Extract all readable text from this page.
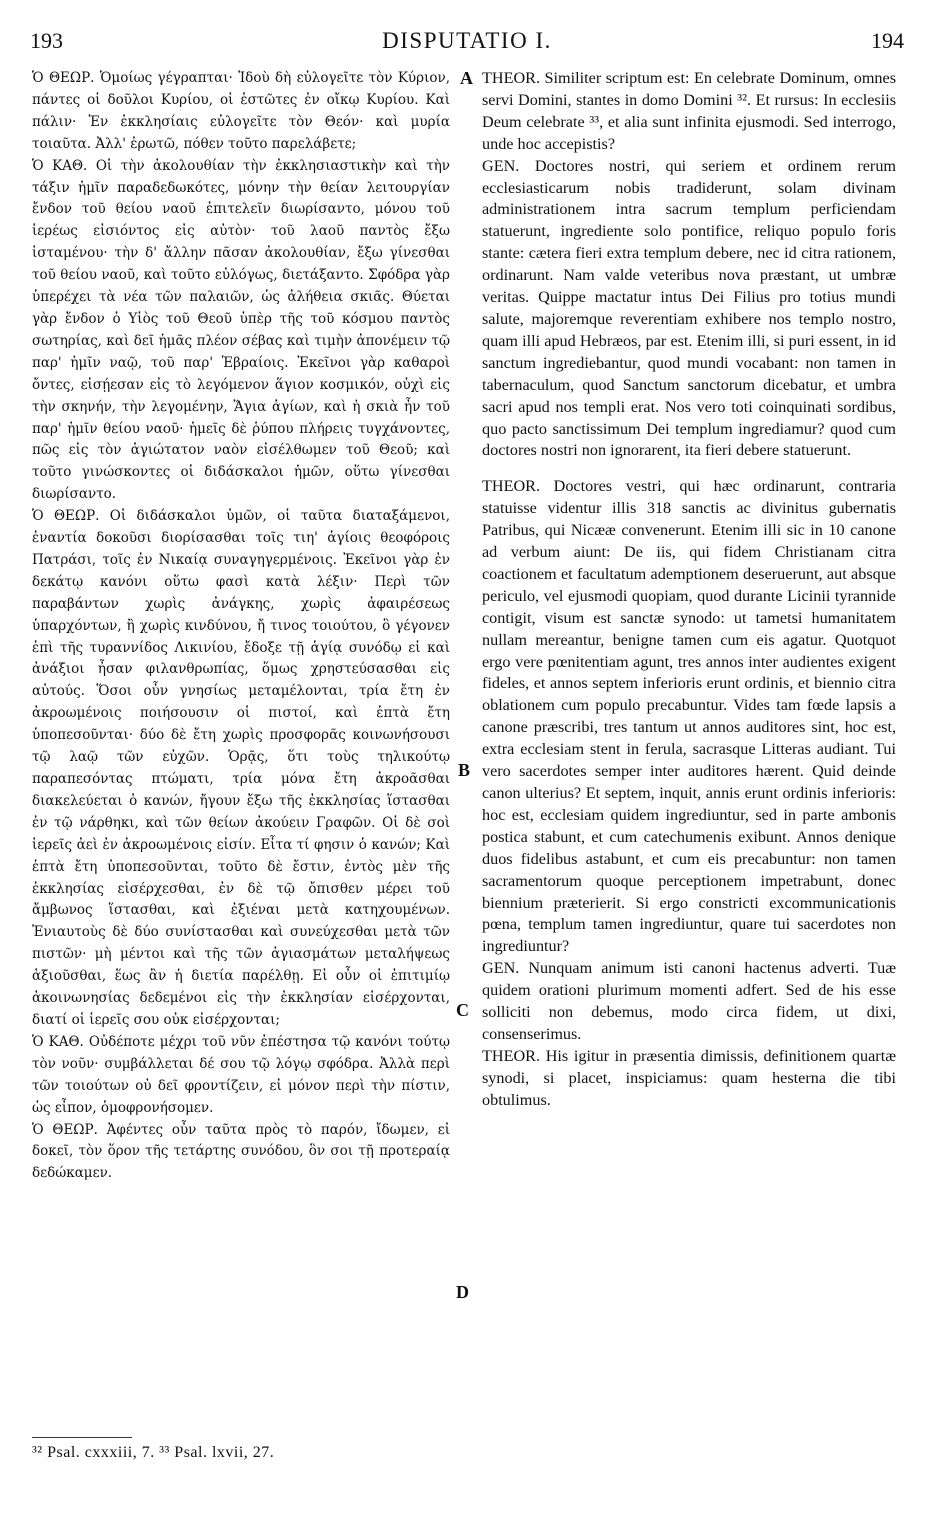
193	DISPUTATIO I.	194

Ὁ ΘΕΩΡ. Ὁμοίως γέγραπται· Ἰδοὺ δὴ εὐλογεῖτε τὸν Κύριον, πάντες οἱ δοῦλοι Κυρίου, οἱ ἑστῶτες ἐν οἴκῳ Κυρίου. Καὶ πάλιν· Ἐν ἐκκλησίαις εὐλογεῖτε τὸν Θεόν· καὶ μυρία τοιαῦτα. Ἀλλ' ἐρωτῶ, πόθεν τοῦτο παρελάβετε;

Ὁ ΚΑΘ. Οἱ τὴν ἀκολουθίαν τὴν ἐκκλησιαστικὴν καὶ τὴν τάξιν ἡμῖν παραδεδωκότες, μόνην τὴν θείαν λειτουργίαν ἔνδον τοῦ θείου ναοῦ ἐπιτελεῖν διωρίσαντο, μόνου τοῦ ἱερέως εἰσιόντος εἰς αὐτὸν· τοῦ λαοῦ παντὸς ἔξω ἱσταμένου· τὴν δ' ἄλλην πᾶσαν ἀκολουθίαν, ἔξω γίνεσθαι τοῦ θείου ναοῦ, καὶ τοῦτο εὐλόγως, διετάξαντο. Σφόδρα γὰρ ὑπερέχει τὰ νέα τῶν παλαιῶν, ὡς ἀλήθεια σκιᾶς. Θύεται γὰρ ἔνδον ὁ Υἱὸς τοῦ Θεοῦ ὑπὲρ τῆς τοῦ κόσμου παντὸς σωτηρίας, καὶ δεῖ ἡμᾶς πλέον σέβας καὶ τιμὴν ἀπονέμειν τῷ παρ' ἡμῖν ναῷ, τοῦ παρ' Ἑβραίοις. Ἐκεῖνοι γὰρ καθαροὶ ὄντες, εἰσῄεσαν εἰς τὸ λεγόμενον ἅγιον κοσμικόν, οὐχὶ εἰς τὴν σκηνήν, τὴν λεγομένην, Ἅγια ἁγίων, καὶ ἡ σκιὰ ἦν τοῦ παρ' ἡμῖν θείου ναοῦ· ἡμεῖς δὲ ῥύπου πλήρεις τυγχάνοντες, πῶς εἰς τὸν ἁγιώτατον ναὸν εἰσέλθωμεν τοῦ Θεοῦ; καὶ τοῦτο γινώσκοντες οἱ διδάσκαλοι ἡμῶν, οὕτω γίνεσθαι διωρίσαντο.

Ὁ ΘΕΩΡ. Οἱ διδάσκαλοι ὑμῶν, οἱ ταῦτα διαταξάμενοι, ἐναντία δοκοῦσι διορίσασθαι τοῖς τιη' ἁγίοις θεοφόροις Πατράσι, τοῖς ἐν Νικαίᾳ συναγηγερμένοις. Ἐκεῖνοι γὰρ ἐν δεκάτῳ κανόνι οὕτω φασὶ κατὰ λέξιν· Περὶ τῶν παραβάντων χωρὶς ἀνάγκης, χωρὶς ἀφαιρέσεως ὑπαρχόντων, ἢ χωρὶς κινδύνου, ἤ τινος τοιούτου, ὃ γέγονεν ἐπὶ τῆς τυραννίδος Λικινίου, ἔδοξε τῇ ἁγίᾳ συνόδῳ εἰ καὶ ἀνάξιοι ἦσαν φιλανθρωπίας, ὅμως χρηστεύσασθαι εἰς αὐτούς. Ὅσοι οὖν γνησίως μεταμέλονται, τρία ἔτη ἐν ἀκροωμένοις ποιήσουσιν οἱ πιστοί, καὶ ἑπτὰ ἔτη ὑποπεσοῦνται· δύο δὲ ἔτη χωρὶς προσφορᾶς κοινωνήσουσι τῷ λαῷ τῶν εὐχῶν. Ὁρᾷς, ὅτι τοὺς τηλικούτῳ παραπεσόντας πτώματι, τρία μόνα ἔτη ἀκροᾶσθαι διακελεύεται ὁ κανών, ἤγουν ἔξω τῆς ἐκκλησίας ἵστασθαι ἐν τῷ νάρθηκι, καὶ τῶν θείων ἀκούειν Γραφῶν. Οἱ δὲ σοὶ ἱερεῖς ἀεὶ ἐν ἀκροωμένοις εἰσίν. Εἶτα τί φησιν ὁ κανών; Καὶ ἑπτὰ ἔτη ὑποπεσοῦνται, τοῦτο δὲ ἔστιν, ἐντὸς μὲν τῆς ἐκκλησίας εἰσέρχεσθαι, ἐν δὲ τῷ ὄπισθεν μέρει τοῦ ἄμβωνος ἵστασθαι, καὶ ἐξιέναι μετὰ κατηχουμένων. Ἐνιαυτοὺς δὲ δύο συνίστασθαι καὶ συνεύχεσθαι μετὰ τῶν πιστῶν· μὴ μέντοι καὶ τῆς τῶν ἁγιασμάτων μεταλήψεως ἀξιοῦσθαι, ἕως ἂν ἡ διετία παρέλθῃ. Εἰ οὖν οἱ ἐπιτιμίῳ ἀκοινωνησίας δεδεμένοι εἰς τὴν ἐκκλησίαν εἰσέρχονται, διατί οἱ ἱερεῖς σου οὐκ εἰσέρχονται;

Ὁ ΚΑΘ. Οὐδέποτε μέχρι τοῦ νῦν ἐπέστησα τῷ κανόνι τούτῳ τὸν νοῦν· συμβάλλεται δέ σου τῷ λόγῳ σφόδρα. Ἀλλὰ περὶ τῶν τοιούτων οὐ δεῖ φροντίζειν, εἰ μόνον περὶ τὴν πίστιν, ὡς εἶπον, ὁμοφρονήσομεν.

Ὁ ΘΕΩΡ. Ἀφέντες οὖν ταῦτα πρὸς τὸ παρόν, ἴδωμεν, εἰ δοκεῖ, τὸν ὅρον τῆς τετάρτης συνόδου, ὃν σοι τῇ προτεραίᾳ δεδώκαμεν.

A
B
C
D

THEOR. Similiter scriptum est: En celebrate Dominum, omnes servi Domini, stantes in domo Domini ³². Et rursus: In ecclesiis Deum celebrate ³³, et alia sunt infinita ejusmodi. Sed interrogo, unde hoc accepistis?

GEN. Doctores nostri, qui seriem et ordinem rerum ecclesiasticarum nobis tradiderunt, solam divinam administrationem intra sacrum templum perficiendam statuerunt, ingrediente solo pontifice, reliquo populo foris stante: cætera fieri extra templum debere, nec id citra rationem, ordinarunt. Nam valde veteribus nova præstant, ut umbræ veritas. Quippe mactatur intus Dei Filius pro totius mundi salute, majoremque reverentiam exhibere nos templo nostro, quam illi apud Hebræos, par est. Etenim illi, si puri essent, in id sanctum ingrediebantur, quod mundi vocabant: non tamen in tabernaculum, quod Sanctum sanctorum dicebatur, et umbra sacri apud nos templi erat. Nos vero toti coinquinati sordibus, quo pacto sanctissimum Dei templum ingrediamur? quod cum doctores nostri non ignorarent, ita fieri debere statuerunt.

THEOR. Doctores vestri, qui hæc ordinarunt, contraria statuisse videntur illis 318 sanctis ac divinitus gubernatis Patribus, qui Nicææ convenerunt. Etenim illi sic in 10 canone ad verbum aiunt: De iis, qui fidem Christianam citra coactionem et facultatum ademptionem deseruerunt, aut absque periculo, vel ejusmodi quopiam, quod durante Licinii tyrannide contigit, visum est sanctæ synodo: ut tametsi humanitatem nullam mereantur, benigne tamen cum eis agatur. Quotquot ergo vere pœnitentiam agunt, tres annos inter audientes exigent fideles, et annos septem inferioris erunt ordinis, et biennio citra oblationem cum populo precabuntur. Vides tam fœde lapsis a canone præscribi, tres tantum ut annos auditores sint, hoc est, extra ecclesiam stent in ferula, sacrasque Litteras audiant. Tui vero sacerdotes semper inter auditores hærent. Quid deinde canon ulterius? Et septem, inquit, annis erunt ordinis inferioris: hoc est, ecclesiam quidem ingrediuntur, sed in parte ambonis postica stabunt, et cum catechumenis exibunt. Annos denique duos fidelibus astabunt, et cum eis precabuntur: non tamen sacramentorum quoque perceptionem impetrabunt, donec biennium præterierit. Si ergo constricti excommunicationis pœna, templum tamen ingrediuntur, quare tui sacerdotes non ingrediuntur?

GEN. Nunquam animum isti canoni hactenus adverti. Tuæ quidem orationi plurimum momenti adfert. Sed de his esse solliciti non debemus, modo circa fidem, ut dixi, consenserimus.

THEOR. His igitur in præsentia dimissis, definitionem quartæ synodi, si placet, inspiciamus: quam hesterna die tibi obtulimus.

³² Psal. cxxxiii, 7. ³³ Psal. lxvii, 27.
